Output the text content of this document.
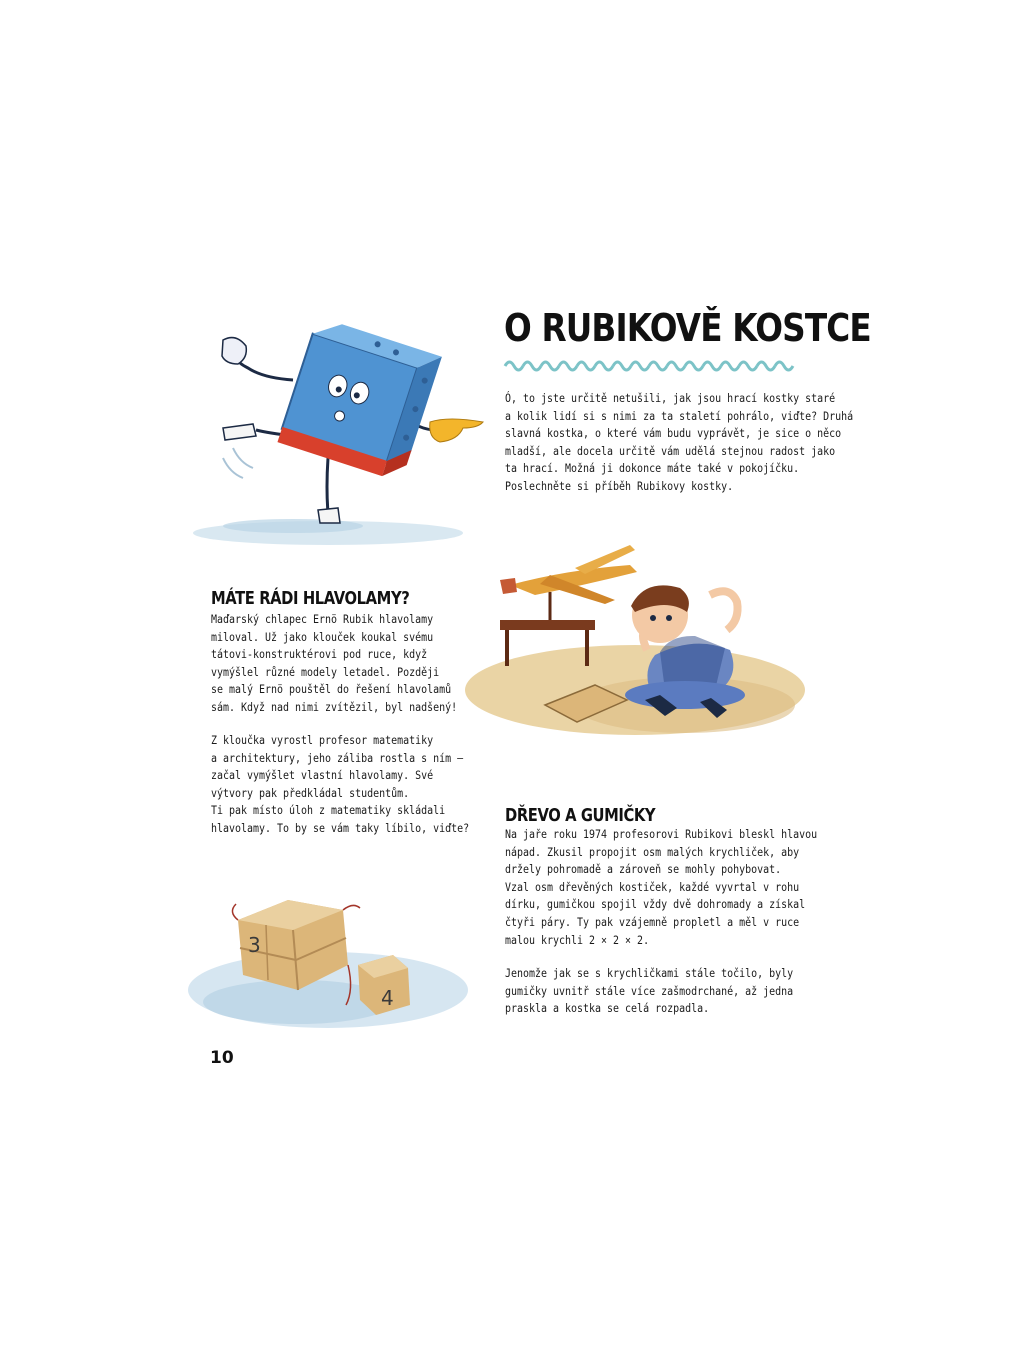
O RUBIKOVĚ KOSTCE
Ó, to jste určitě netušili, jak jsou hrací kostky staré
a kolik lidí si s nimi za ta staletí pohrálo, viďte? Druhá
slavná kostka, o které vám budu vyprávět, je sice o něco
mladší, ale docela určitě vám udělá stejnou radost jako
ta hrací. Možná ji dokonce máte také v pokojíčku.
Poslechněte si příběh Rubikovy kostky.
MÁTE RÁDI HLAVOLAMY?
Maďarský chlapec Ernö Rubik hlavolamy
miloval. Už jako klouček koukal svému
tátovi-konstruktérovi pod ruce, když
vymýšlel různé modely letadel. Později
se malý Ernö pouštěl do řešení hlavolamů
sám. Když nad nimi zvítězil, byl nadšený!
Z kloučka vyrostl profesor matematiky
a architektury, jeho záliba rostla s ním –
začal vymýšlet vlastní hlavolamy. Své
výtvory pak předkládal studentům.
Ti pak místo úloh z matematiky skládali
hlavolamy. To by se vám taky líbilo, viďte?
DŘEVO A GUMIČKY
Na jaře roku 1974 profesorovi Rubikovi bleskl hlavou
nápad. Zkusil propojit osm malých krychliček, aby
držely pohromadě a zároveň se mohly pohybovat.
Vzal osm dřevěných kostiček, každé vyvrtal v rohu
dírku, gumičkou spojil vždy dvě dohromady a získal
čtyři páry. Ty pak vzájemně propletl a měl v ruce
malou krychli 2 × 2 × 2.
Jenomže jak se s krychličkami stále točilo, byly
gumičky uvnitř stále více zašmodrchané, až jedna
praskla a kostka se celá rozpadla.
10
3
4
